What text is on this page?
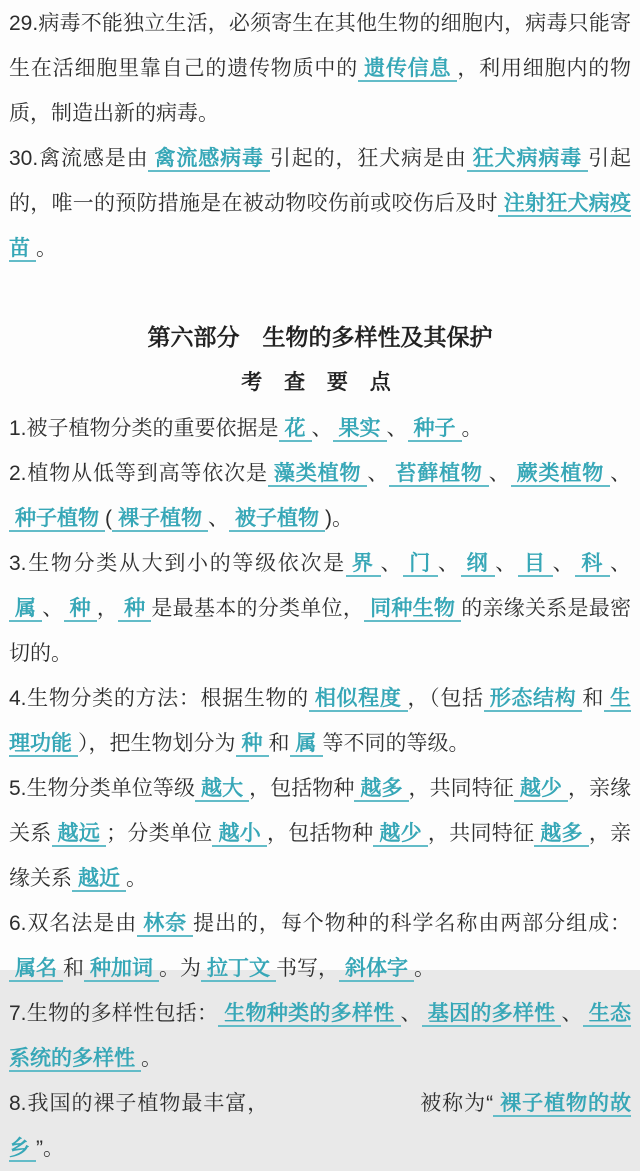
29.病毒不能独立生活，必须寄生在其他生物的细胞内，病毒只能寄生在活细胞里靠自己的遗传物质中的 遗传信息 ，利用细胞内的物质，制造出新的病毒。

30.禽流感是由 禽流感病毒 引起的，狂犬病是由 狂犬病病毒 引起的，唯一的预防措施是在被动物咬伤前或咬伤后及时 注射狂犬病疫苗 。

第六部分　生物的多样性及其保护
考 查 要 点

1.被子植物分类的重要依据是 花 、 果实 、 种子 。

2.植物从低等到高等依次是 藻类植物 、 苔藓植物 、 蕨类植物 、种子植物 ( 裸子植物 、 被子植物 )。

3.生物分类从大到小的等级依次是 界 、 门 、 纲 、 目 、 科 、属 、 种 ， 种 是最基本的分类单位， 同种生物 的亲缘关系是最密切的。

4.生物分类的方法：根据生物的 相似程度 ，（包括 形态结构 和 生理功能 ），把生物划分为 种 和 属 等不同的等级。

5.生物分类单位等级 越大 ，包括物种 越多 ，共同特征 越少 ，亲缘关系 越远 ；分类单位 越小 ，包括物种 越少 ，共同特征 越多 ，亲缘关系 越近 。

6.双名法是由 林奈 提出的，每个物种的科学名称由两部分组成：属名 和 种加词 。为 拉丁文 书写， 斜体字 。

7.生物的多样性包括： 生物种类的多样性 、 基因的多样性 、 生态系统的多样性 。

8.我国的裸子植物最丰富，	被称为“ 裸子植物的故乡 ”。
